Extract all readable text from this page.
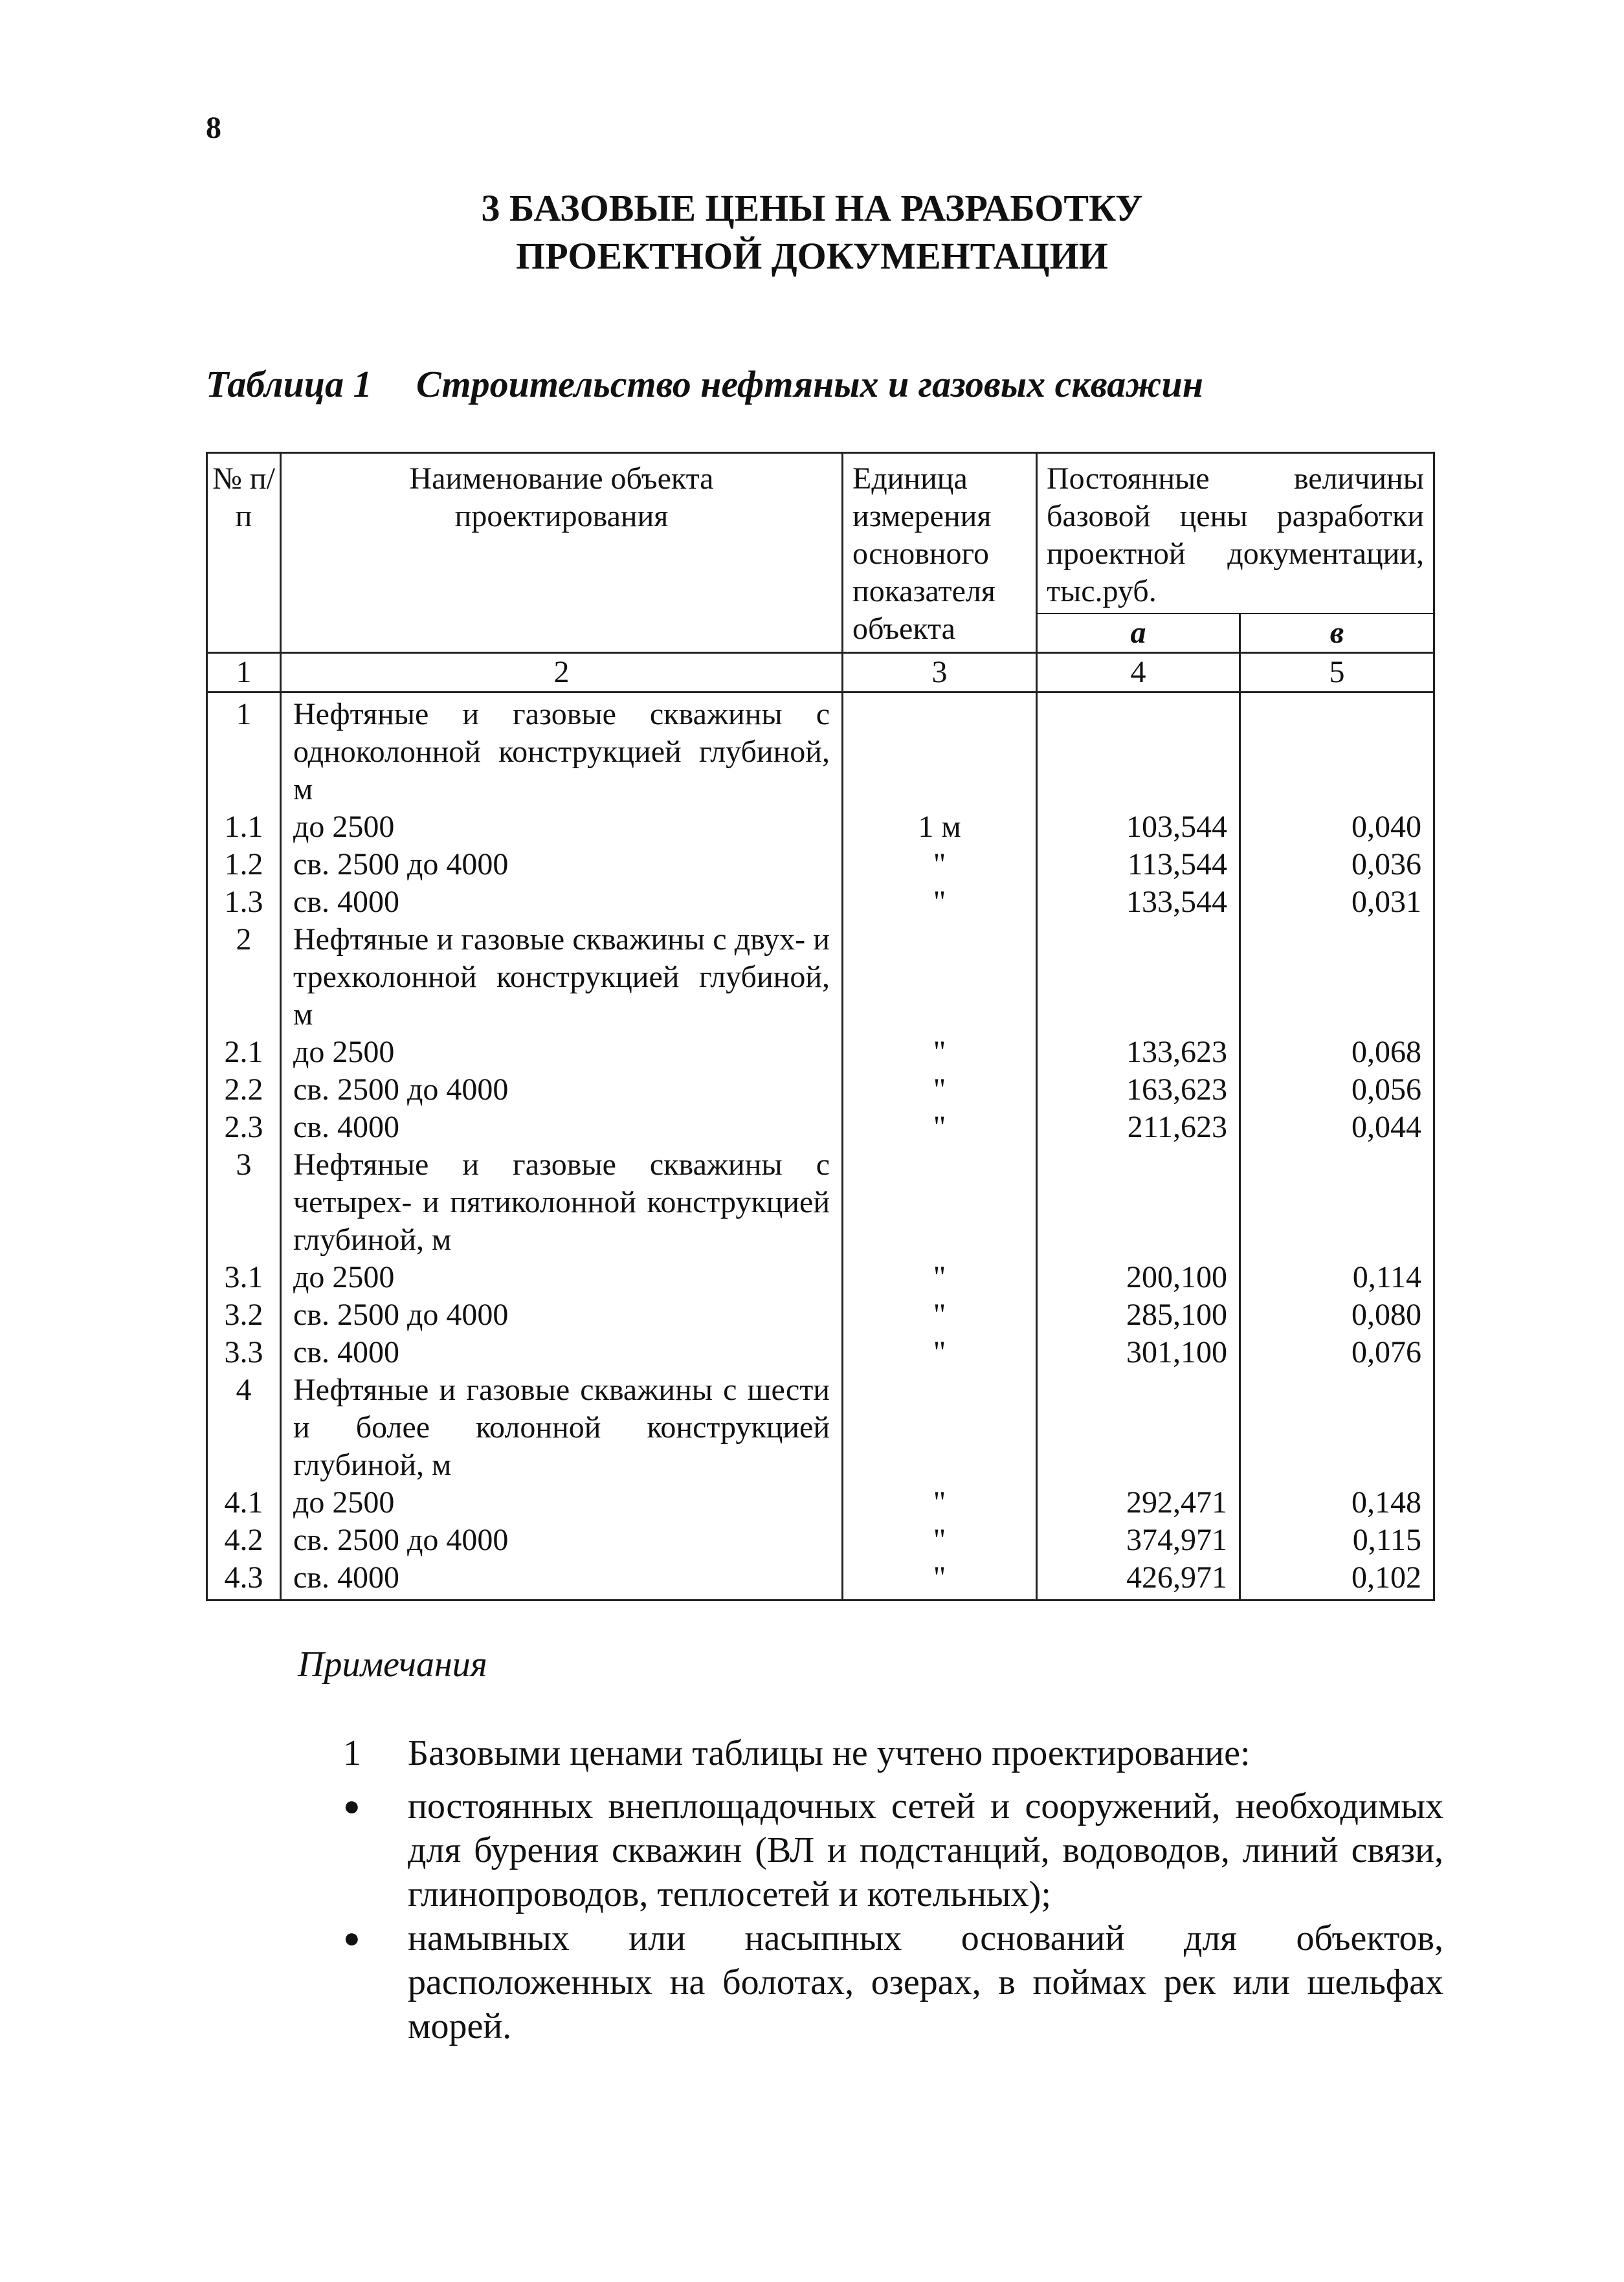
8
3 БАЗОВЫЕ ЦЕНЫ НА РАЗРАБОТКУ
ПРОЕКТНОЙ ДОКУМЕНТАЦИИ
Таблица 1 Строительство нефтяных и газовых скважин
№ п/п	Наименование объекта проектирования	Единица измерения основного показателя объекта	Постоянные величины базовой цены разработки проектной документации, тыс.руб.	
			а	в
1	2	3	4	5
1	Нефтяные и газовые скважины с одноколонной конструкцией глубиной, м			
1.1	до 2500	1 м	103,544	0,040
1.2	св. 2500 до 4000	"	113,544	0,036
1.3	св. 4000	"	133,544	0,031
2	Нефтяные и газовые скважины с двух- и трехколонной конструкцией глубиной, м			
2.1	до 2500	"	133,623	0,068
2.2	св. 2500 до 4000	"	163,623	0,056
2.3	св. 4000	"	211,623	0,044
3	Нефтяные и газовые скважины с четырех- и пятиколонной конструкцией глубиной, м			
3.1	до 2500	"	200,100	0,114
3.2	св. 2500 до 4000	"	285,100	0,080
3.3	св. 4000	"	301,100	0,076
4	Нефтяные и газовые скважины с шести и более колонной конструкцией глубиной, м			
4.1	до 2500	"	292,471	0,148
4.2	св. 2500 до 4000	"	374,971	0,115
4.3	св. 4000	"	426,971	0,102
Примечания
1	Базовыми ценами таблицы не учтено проектирование:
●	постоянных внеплощадочных сетей и сооружений, необходимых для бурения скважин (ВЛ и подстанций, водоводов, линий связи, глинопроводов, теплосетей и котельных);
●	намывных или насыпных оснований для объектов, расположенных на болотах, озерах, в поймах рек или шельфах морей.
